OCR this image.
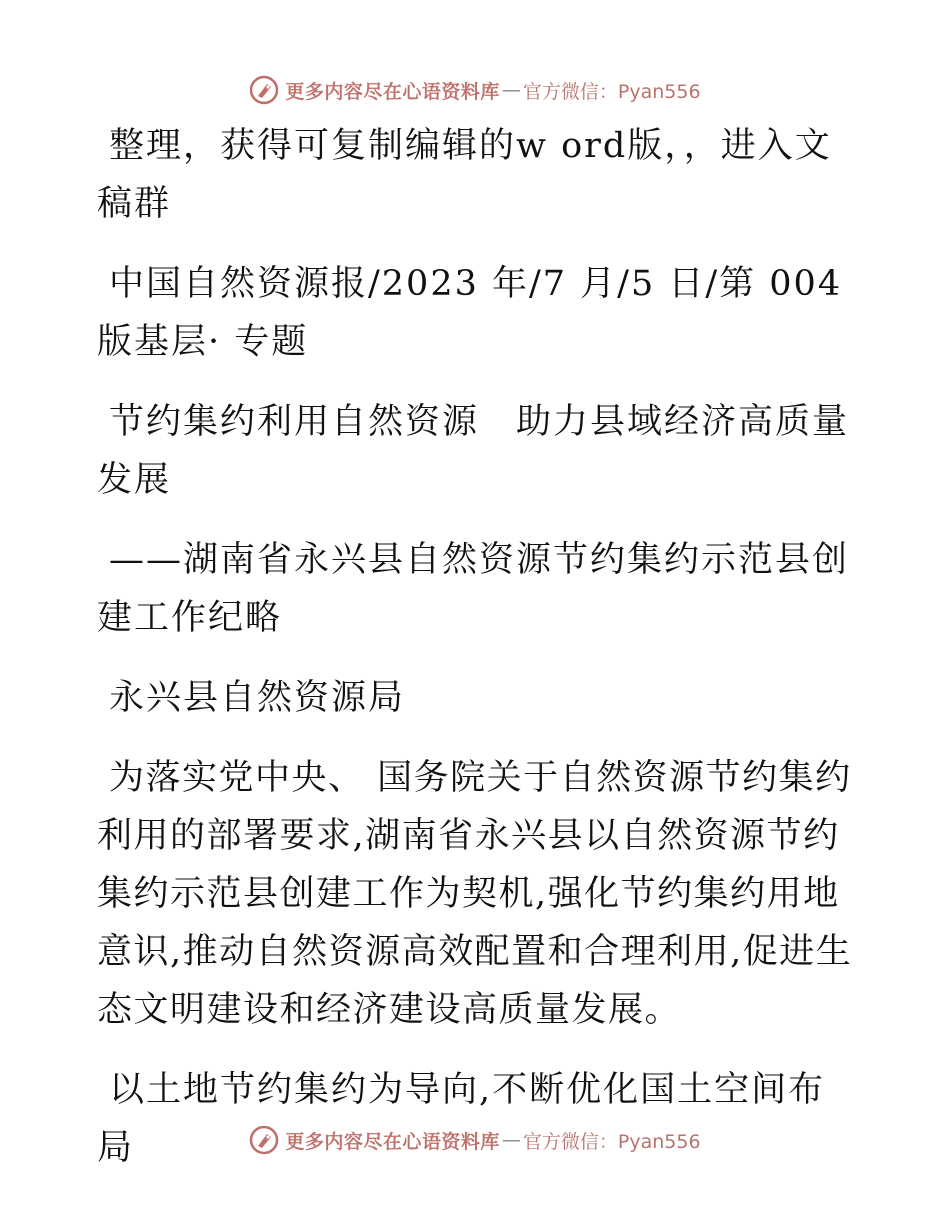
更多内容尽在心语资料库 — 官方微信：Pyan556

整理，获得可复制编辑的w ord版，，进入文稿群

中国自然资源报/2023 年/7 月/5 日/第 004 版基层· 专题

节约集约利用自然资源　助力县域经济高质量发展

——湖南省永兴县自然资源节约集约示范县创建工作纪略

永兴县自然资源局

为落实党中央、 国务院关于自然资源节约集约利用的部署要求,湖南省永兴县以自然资源节约集约示范县创建工作为契机,强化节约集约用地意识,推动自然资源高效配置和合理利用,促进生态文明建设和经济建设高质量发展。

以土地节约集约为导向,不断优化国土空间布局	更多内容尽在心语资料库 — 官方微信：Pyan556
